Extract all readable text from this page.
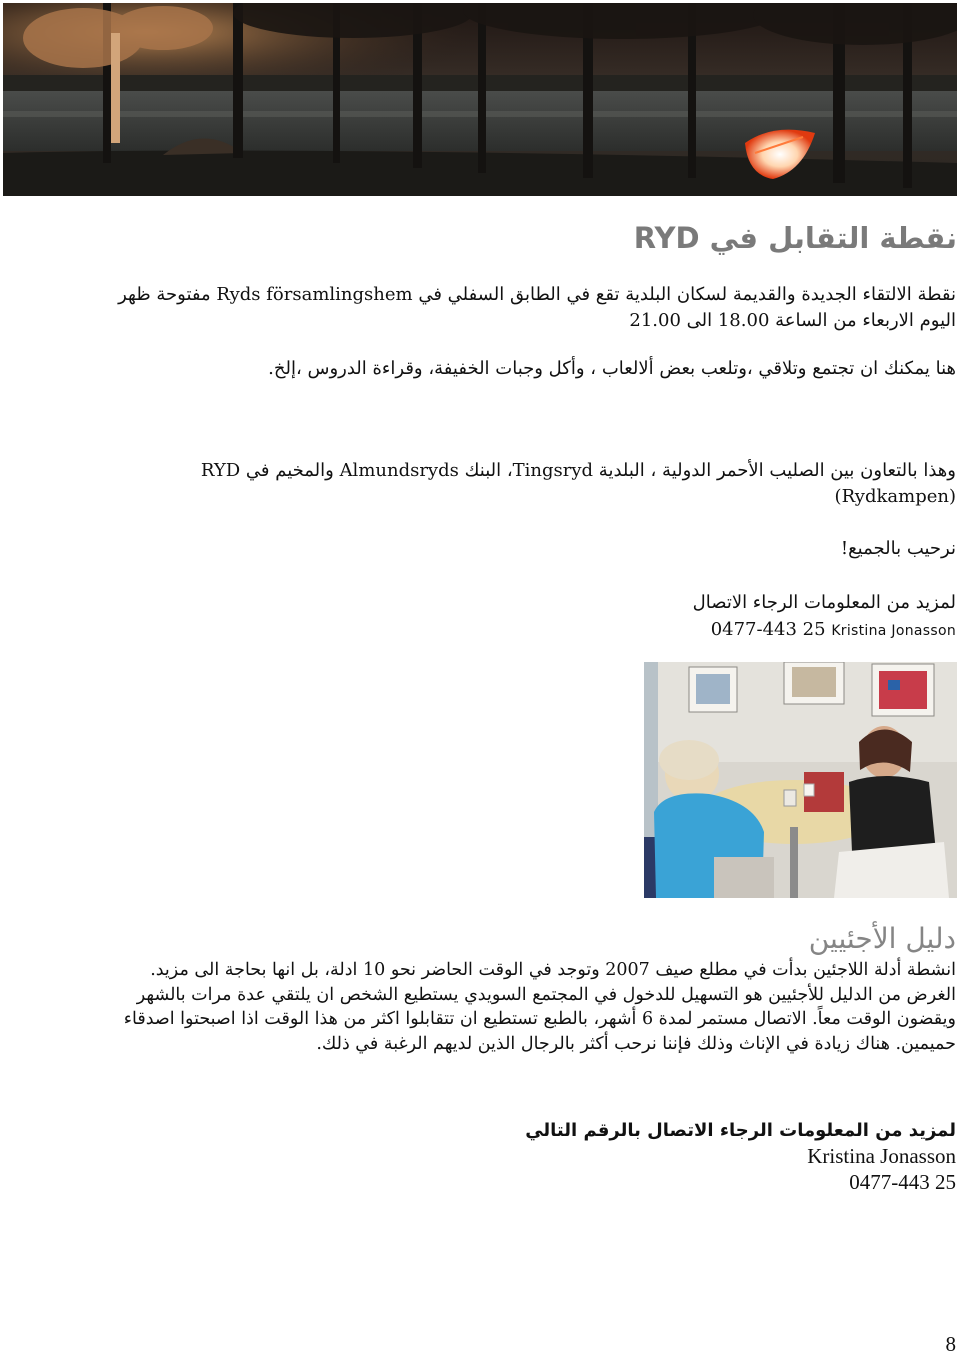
نقطة التقابل في RYD

نقطة الالتقاء الجديدة والقديمة لسكان البلدية تقع في الطابق السفلي في Ryds församlingshem مفتوحة ظهر اليوم الاربعاء من الساعة 18.00 الى 21.00

هنا يمكنك ان تجتمع وتلاقي ،وتلعب بعض ألالعاب ، وأكل وجبات الخفيفة، وقراءة الدروس ،إلخ.

وهذا بالتعاون بين الصليب الأحمر الدولية ، البلدية Tingsryd، البنك Almundsryds والمخيم في RYD (Rydkampen)

نرحيب بالجميع!

لمزيد من المعلومات الرجاء الاتصال

0477-443 25 Kristina Jonasson
دليل الأجئيين

انشطة أدلة اللاجئين بدأت في مطلع صيف 2007 وتوجد في الوقت الحاضر نحو 10 ادلة، بل انها بحاجة الى مزيد. الغرض من الدليل للأجئيين هو التسهيل للدخول في المجتمع السويدي يستطيع الشخص ان يلتقي عدة مرات بالشهر ويقضون الوقت معاً. الاتصال مستمر لمدة 6 أشهر، بالطبع تستطيع ان تتقابلوا اكثر من هذا الوقت اذا اصبحتوا اصدقاء حميمين. هناك زيادة في الإناث وذلك فإننا نرحب أكثر بالرجال الذين لديهم الرغبة في ذلك.

لمزيد من المعلومات الرجاء الاتصال بالرقم التالي

Kristina Jonasson
0477-443 25
8
